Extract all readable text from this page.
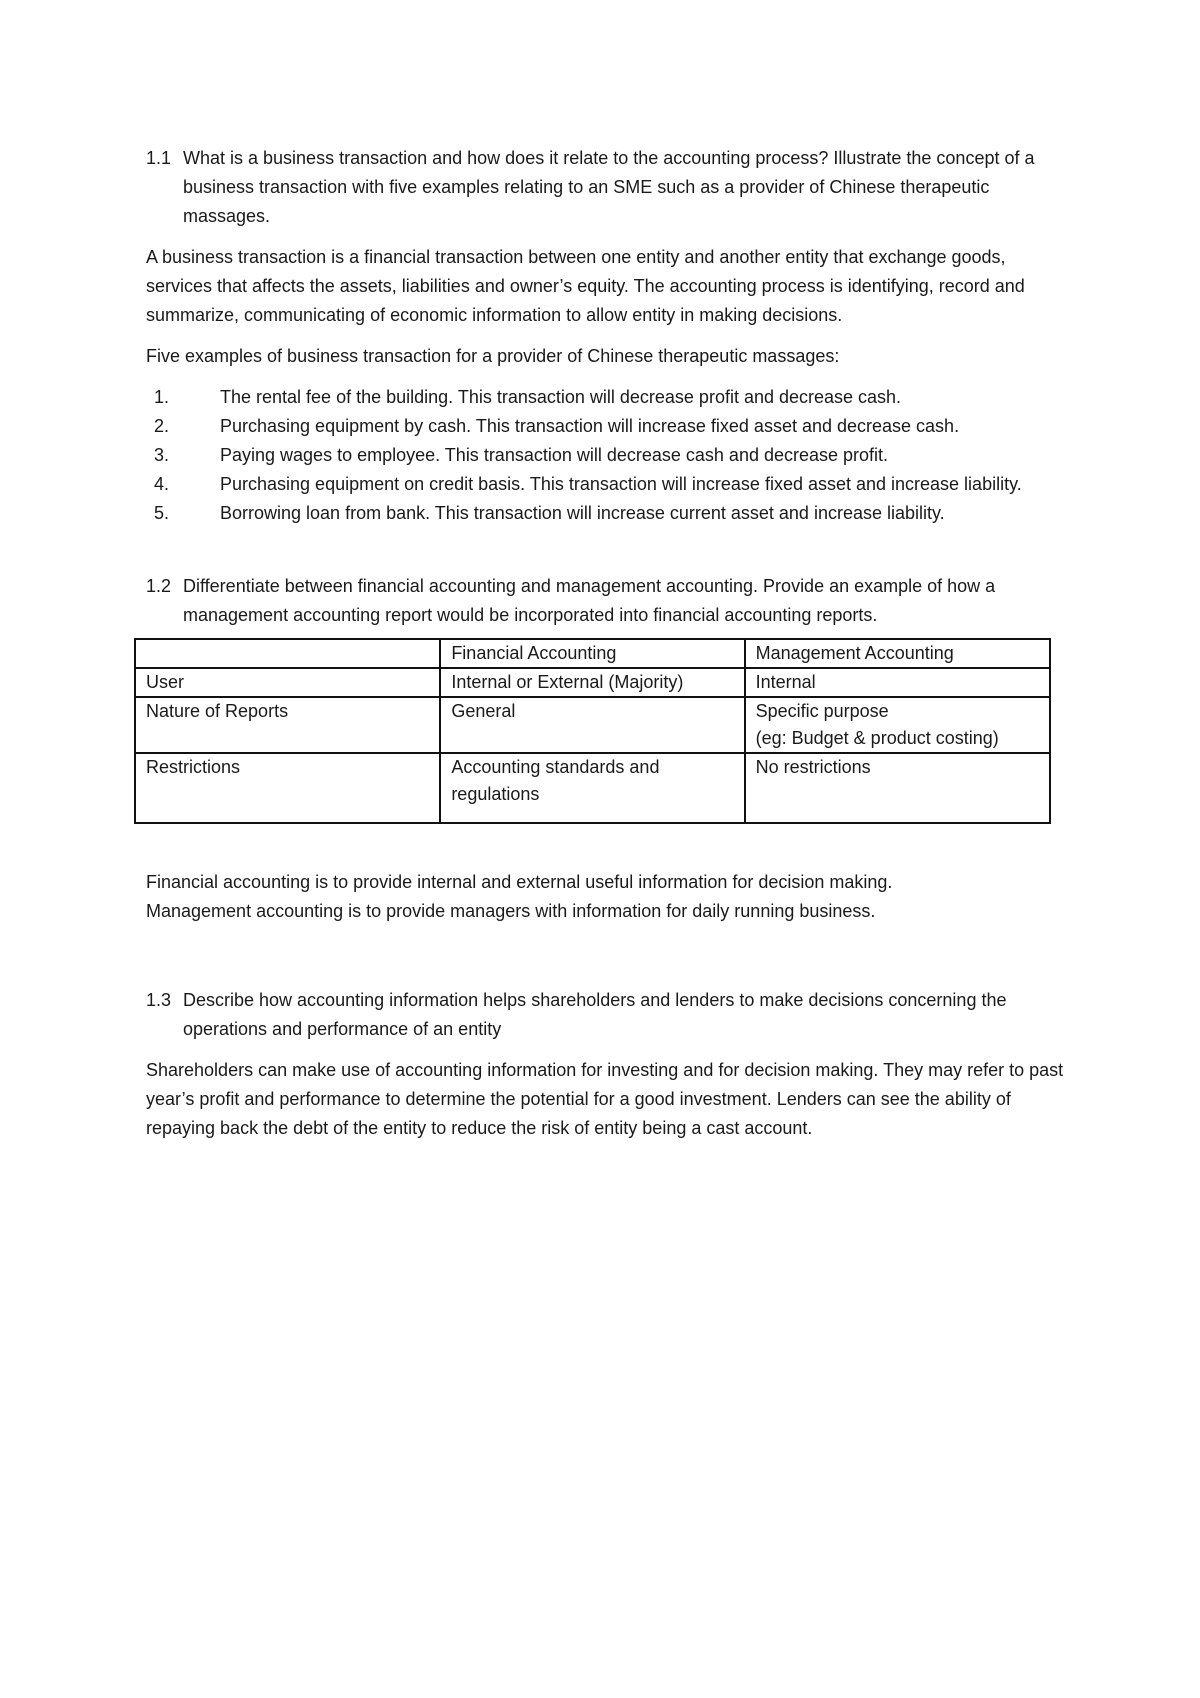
1.1 What is a business transaction and how does it relate to the accounting process? Illustrate the concept of a business transaction with five examples relating to an SME such as a provider of Chinese therapeutic massages.

A business transaction is a financial transaction between one entity and another entity that exchange goods, services that affects the assets, liabilities and owner’s equity. The accounting process is identifying, record and summarize, communicating of economic information to allow entity in making decisions.

Five examples of business transaction for a provider of Chinese therapeutic massages:

1.	The rental fee of the building. This transaction will decrease profit and decrease cash.
2.	Purchasing equipment by cash. This transaction will increase fixed asset and decrease cash.
3.	Paying wages to employee. This transaction will decrease cash and decrease profit.
4.	Purchasing equipment on credit basis. This transaction will increase fixed asset and increase liability.
5.	Borrowing loan from bank. This transaction will increase current asset and increase liability.
1.2 Differentiate between financial accounting and management accounting. Provide an example of how a management accounting report would be incorporated into financial accounting reports.
	Financial Accounting	Management Accounting
User	Internal or External (Majority)	Internal
Nature of Reports	General	Specific purpose
(eg: Budget & product costing)

Restrictions	Accounting standards and regulations	No restrictions

Financial accounting is to provide internal and external useful information for decision making.

Management accounting is to provide managers with information for daily running business.

1.3 Describe how accounting information helps shareholders and lenders to make decisions concerning the operations and performance of an entity

Shareholders can make use of accounting information for investing and for decision making. They may refer to past year’s profit and performance to determine the potential for a good investment. Lenders can see the ability of repaying back the debt of the entity to reduce the risk of entity being a cast account.
